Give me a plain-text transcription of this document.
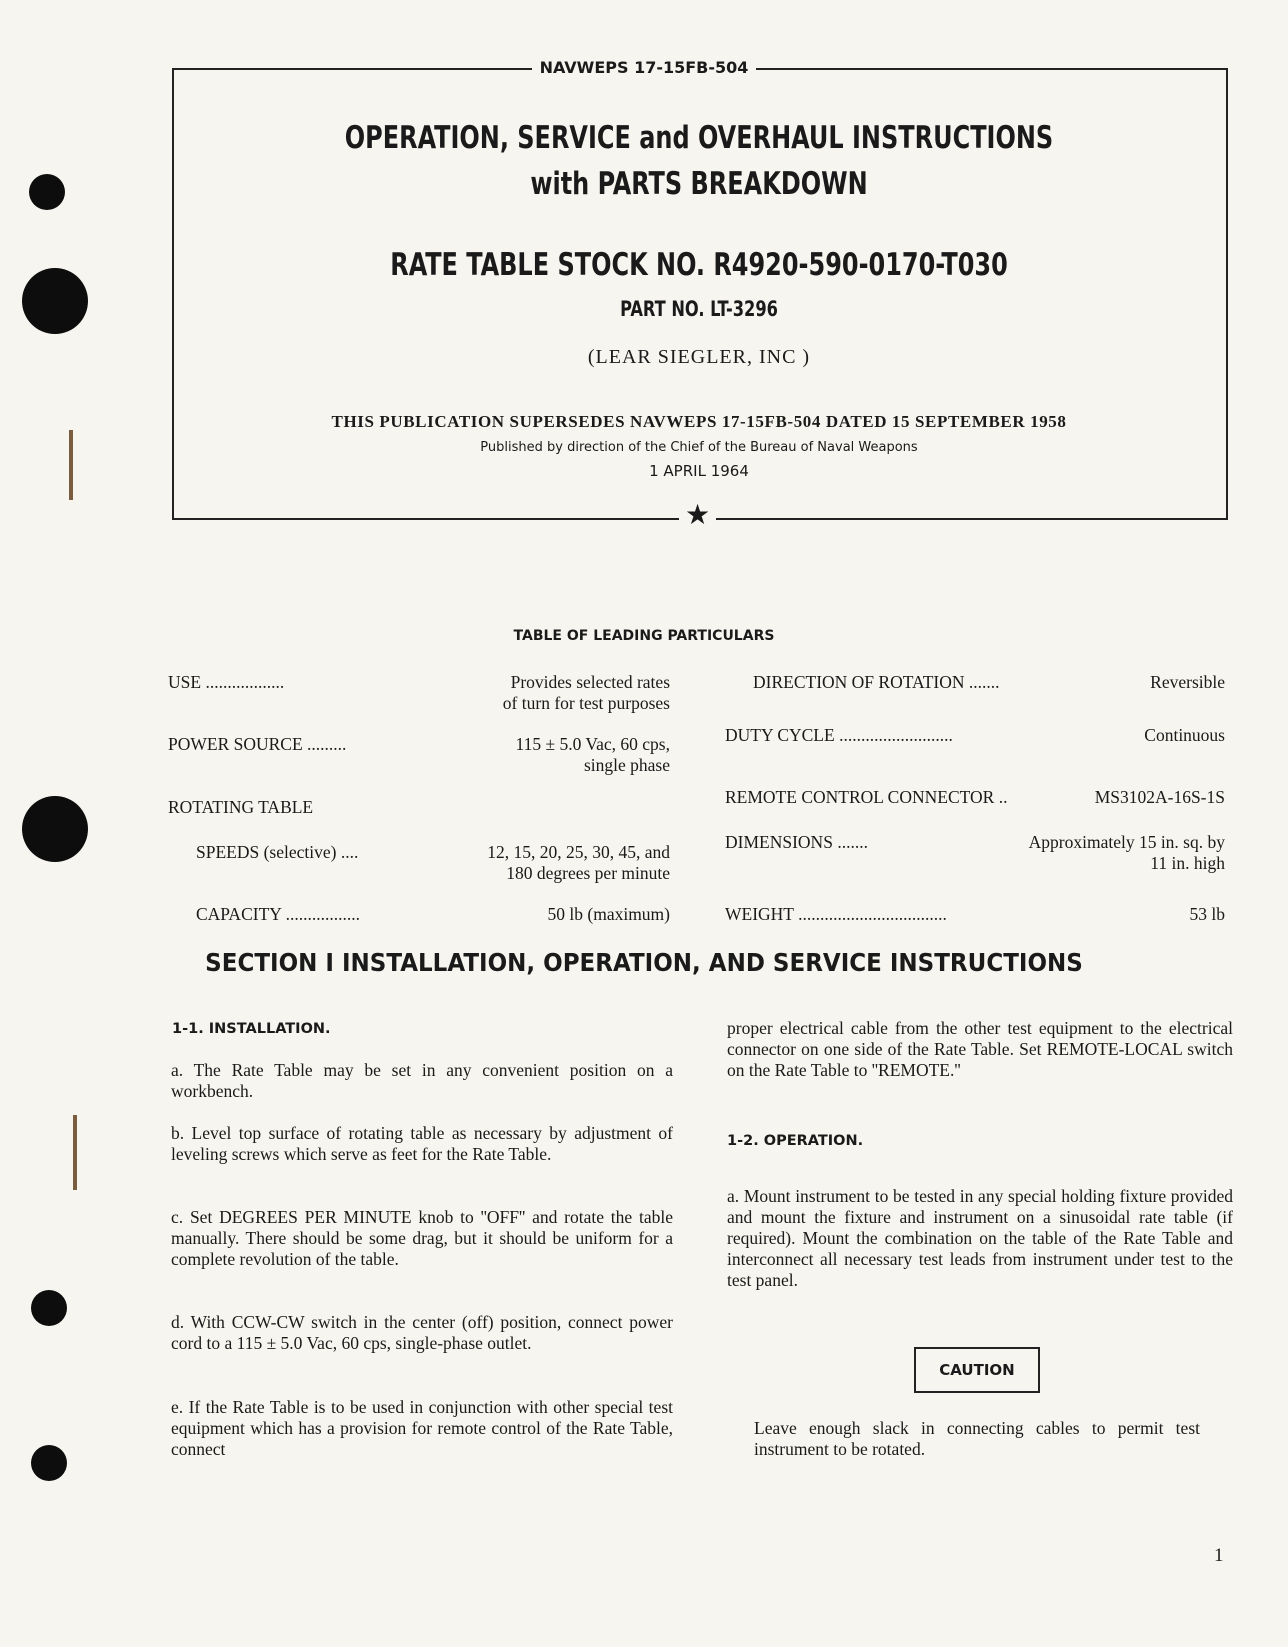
NAVWEPS 17-15FB-504
OPERATION, SERVICE and OVERHAUL INSTRUCTIONS
with PARTS BREAKDOWN
RATE TABLE STOCK NO. R4920-590-0170-T030
PART NO. LT-3296
(LEAR SIEGLER, INC )
THIS PUBLICATION SUPERSEDES NAVWEPS 17-15FB-504 DATED 15 SEPTEMBER 1958
Published by direction of the Chief of the Bureau of Naval Weapons
1 APRIL 1964
★
TABLE OF LEADING PARTICULARS
USE ..................	Provides selected rates
of turn for test purposes
POWER SOURCE .........	115 ± 5.0 Vac, 60 cps,
single phase
ROTATING TABLE
SPEEDS (selective) ....	12, 15, 20, 25, 30, 45, and
180 degrees per minute
CAPACITY .................	50 lb (maximum)
DIRECTION OF ROTATION .......	Reversible
DUTY CYCLE ..........................	Continuous
REMOTE CONTROL CONNECTOR ..	MS3102A-16S-1S
DIMENSIONS .......	Approximately 15 in. sq. by
11 in. high
WEIGHT ..................................	53 lb
SECTION I INSTALLATION, OPERATION, AND SERVICE INSTRUCTIONS
1-1. INSTALLATION.
a. The Rate Table may be set in any convenient position on a workbench.
b. Level top surface of rotating table as necessary by adjustment of leveling screws which serve as feet for the Rate Table.
c. Set DEGREES PER MINUTE knob to ''OFF'' and rotate the table manually. There should be some drag, but it should be uniform for a complete revolution of the table.
d. With CCW-CW switch in the center (off) position, connect power cord to a 115 ± 5.0 Vac, 60 cps, single-phase outlet.
e. If the Rate Table is to be used in conjunction with other special test equipment which has a provision for remote control of the Rate Table, connect
proper electrical cable from the other test equipment to the electrical connector on one side of the Rate Table. Set REMOTE-LOCAL switch on the Rate Table to ''REMOTE.''
1-2. OPERATION.
a. Mount instrument to be tested in any special holding fixture provided and mount the fixture and instrument on a sinusoidal rate table (if required). Mount the combination on the table of the Rate Table and interconnect all necessary test leads from instrument under test to the test panel.
CAUTION
Leave enough slack in connecting cables to permit test instrument to be rotated.
1
